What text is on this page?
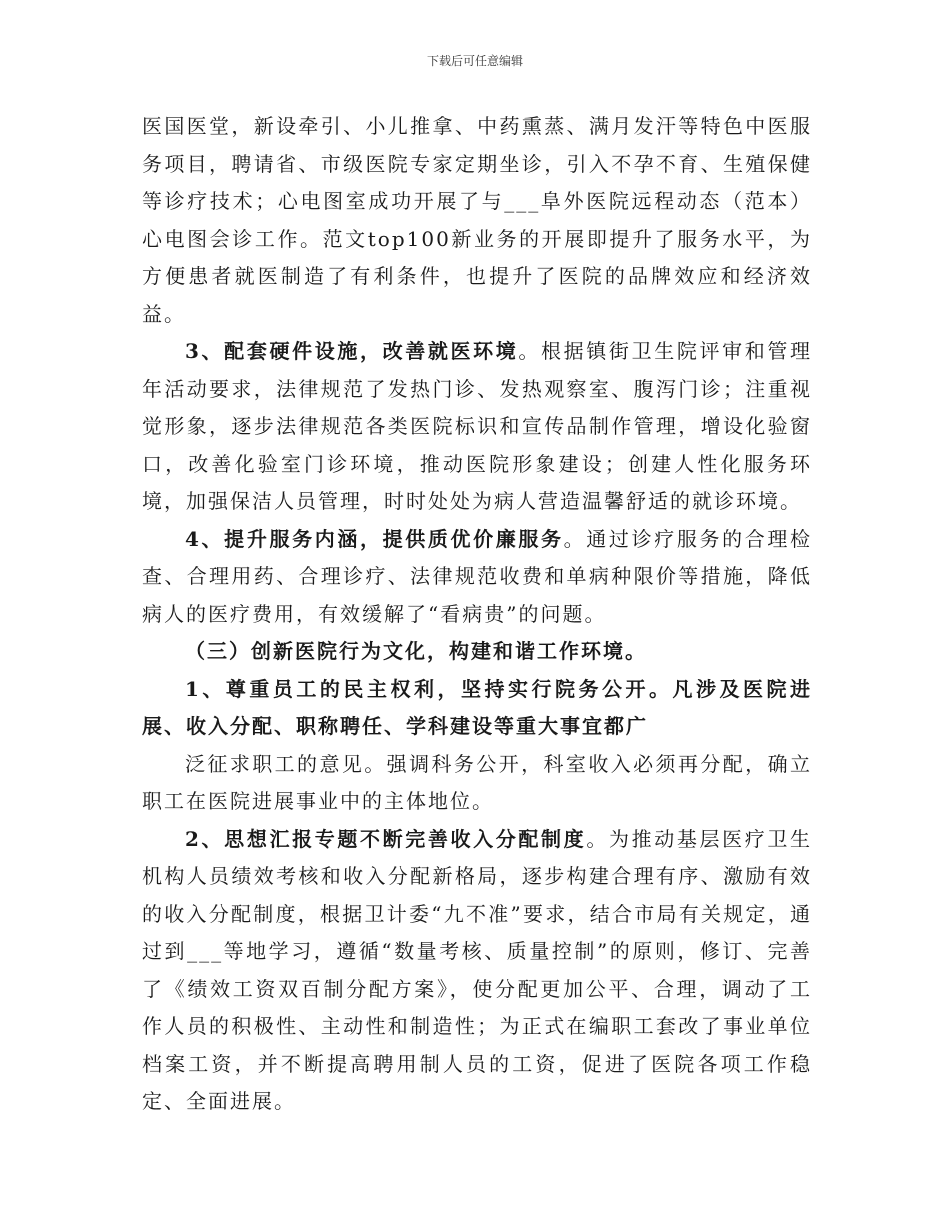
下载后可任意编辑

医国医堂，新设牵引、小儿推拿、中药熏蒸、满月发汗等特色中医服务项目，聘请省、市级医院专家定期坐诊，引入不孕不育、生殖保健等诊疗技术；心电图室成功开展了与___阜外医院远程动态（范本）心电图会诊工作。范文top100新业务的开展即提升了服务水平，为方便患者就医制造了有利条件，也提升了医院的品牌效应和经济效益。

3、配套硬件设施，改善就医环境。根据镇街卫生院评审和管理年活动要求，法律规范了发热门诊、发热观察室、腹泻门诊；注重视觉形象，逐步法律规范各类医院标识和宣传品制作管理，增设化验窗口，改善化验室门诊环境，推动医院形象建设；创建人性化服务环境，加强保洁人员管理，时时处处为病人营造温馨舒适的就诊环境。

4、提升服务内涵，提供质优价廉服务。通过诊疗服务的合理检查、合理用药、合理诊疗、法律规范收费和单病种限价等措施，降低病人的医疗费用，有效缓解了“看病贵”的问题。

（三）创新医院行为文化，构建和谐工作环境。

1、尊重员工的民主权利，坚持实行院务公开。凡涉及医院进展、收入分配、职称聘任、学科建设等重大事宜都广

泛征求职工的意见。强调科务公开，科室收入必须再分配，确立职工在医院进展事业中的主体地位。

2、思想汇报专题不断完善收入分配制度。为推动基层医疗卫生机构人员绩效考核和收入分配新格局，逐步构建合理有序、激励有效的收入分配制度，根据卫计委“九不准”要求，结合市局有关规定，通过到___等地学习，遵循“数量考核、质量控制”的原则，修订、完善了《绩效工资双百制分配方案》，使分配更加公平、合理，调动了工作人员的积极性、主动性和制造性；为正式在编职工套改了事业单位档案工资，并不断提高聘用制人员的工资，促进了医院各项工作稳定、全面进展。
